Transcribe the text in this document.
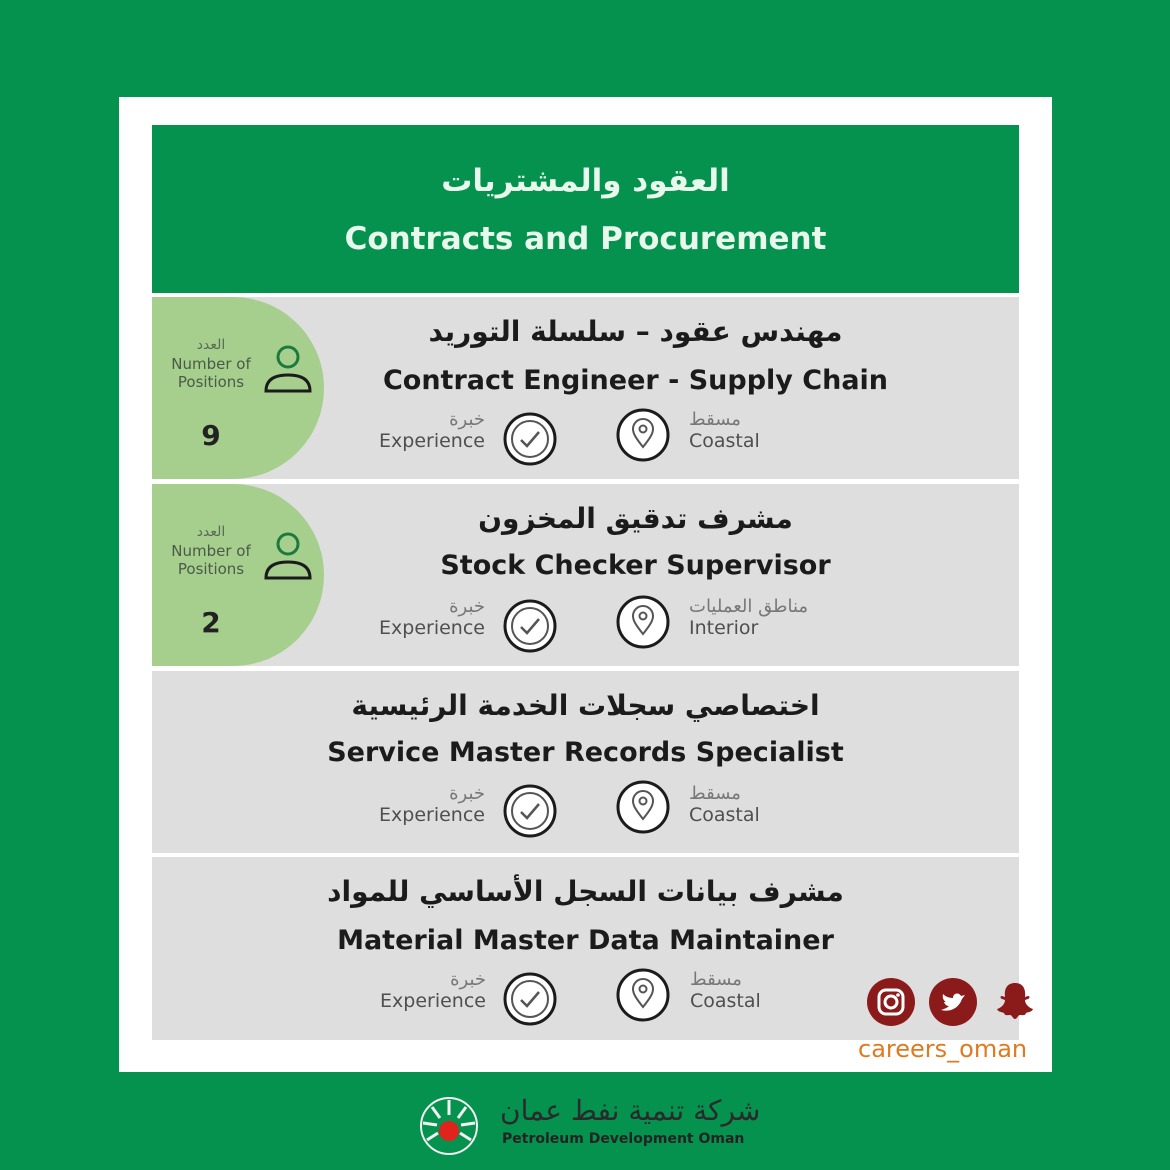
العقود والمشتريات
Contracts and Procurement
العدد
Number of
Positions
9
مهندس عقود – سلسلة التوريد
Contract Engineer - Supply Chain
خبرة
Experience
مسقط
Coastal
العدد
Number of
Positions
2
مشرف تدقيق المخزون
Stock Checker Supervisor
خبرة
Experience
مناطق العمليات
Interior
اختصاصي سجلات الخدمة الرئيسية
Service Master Records Specialist
خبرة
Experience
مسقط
Coastal
مشرف بيانات السجل الأساسي للمواد
Material Master Data Maintainer
خبرة
Experience
مسقط
Coastal
careers_oman
شركة تنمية نفط عمان
Petroleum Development Oman
